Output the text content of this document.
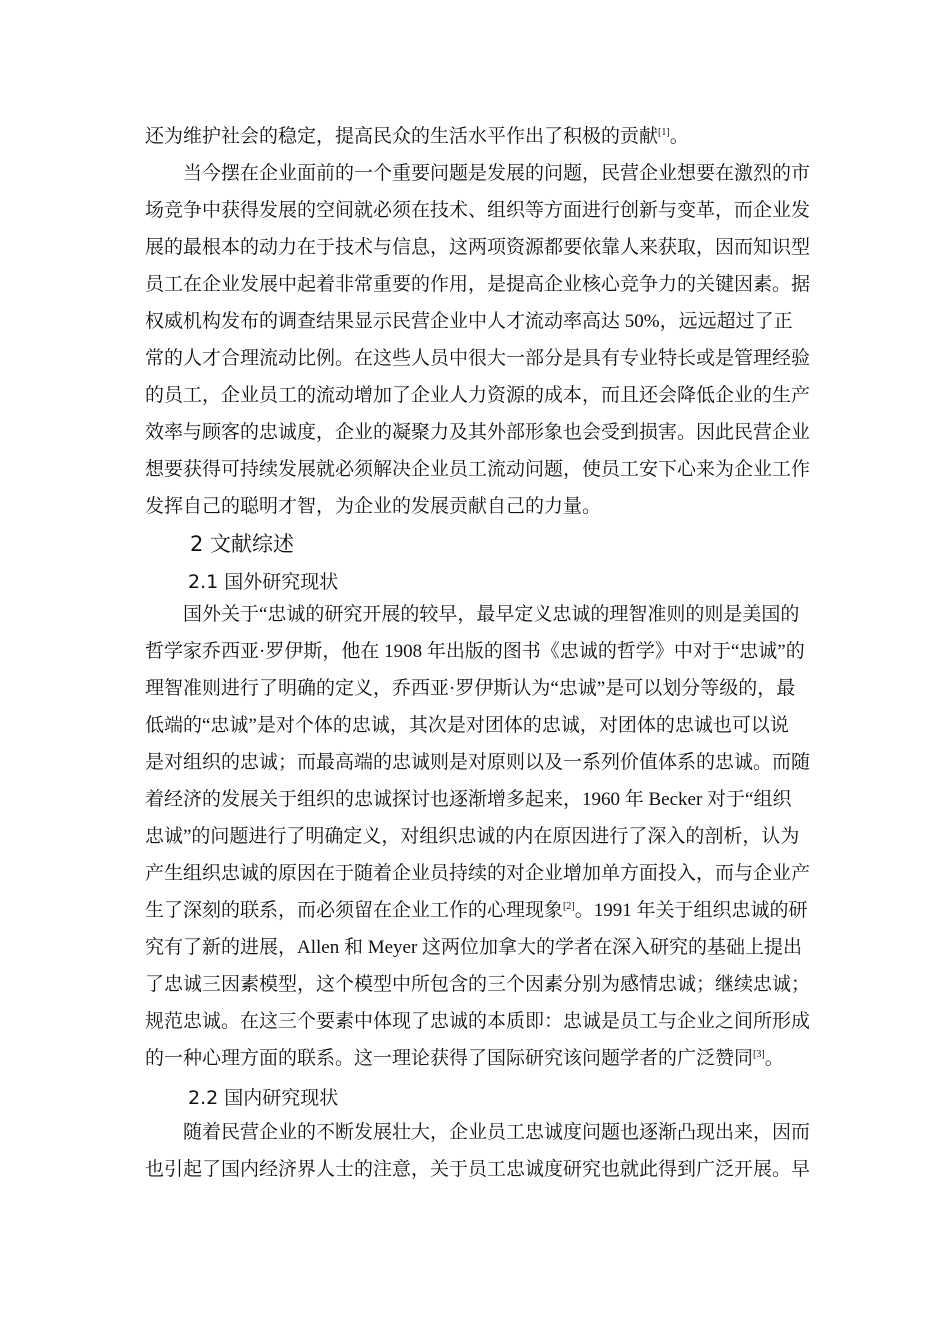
还为维护社会的稳定，提高民众的生活水平作出了积极的贡献[1]。
当今摆在企业面前的一个重要问题是发展的问题，民营企业想要在激烈的市
场竞争中获得发展的空间就必须在技术、组织等方面进行创新与变革，而企业发
展的最根本的动力在于技术与信息，这两项资源都要依靠人来获取，因而知识型
员工在企业发展中起着非常重要的作用，是提高企业核心竞争力的关键因素。据
权威机构发布的调查结果显示民营企业中人才流动率高达 50%，远远超过了正
常的人才合理流动比例。在这些人员中很大一部分是具有专业特长或是管理经验
的员工，企业员工的流动增加了企业人力资源的成本，而且还会降低企业的生产
效率与顾客的忠诚度，企业的凝聚力及其外部形象也会受到损害。因此民营企业
想要获得可持续发展就必须解决企业员工流动问题，使员工安下心来为企业工作
发挥自己的聪明才智，为企业的发展贡献自己的力量。
2 文献综述
2.1 国外研究现状
国外关于“忠诚的研究开展的较早，最早定义忠诚的理智准则的则是美国的
哲学家乔西亚·罗伊斯，他在 1908 年出版的图书《忠诚的哲学》中对于“忠诚”的
理智准则进行了明确的定义，乔西亚·罗伊斯认为“忠诚”是可以划分等级的，最
低端的“忠诚”是对个体的忠诚，其次是对团体的忠诚，对团体的忠诚也可以说
是对组织的忠诚；而最高端的忠诚则是对原则以及一系列价值体系的忠诚。而随
着经济的发展关于组织的忠诚探讨也逐渐增多起来，1960 年 Becker 对于“组织
忠诚”的问题进行了明确定义，对组织忠诚的内在原因进行了深入的剖析，认为
产生组织忠诚的原因在于随着企业员持续的对企业增加单方面投入，而与企业产
生了深刻的联系，而必须留在企业工作的心理现象[2]。1991 年关于组织忠诚的研
究有了新的进展，Allen 和 Meyer 这两位加拿大的学者在深入研究的基础上提出
了忠诚三因素模型，这个模型中所包含的三个因素分别为感情忠诚；继续忠诚；
规范忠诚。在这三个要素中体现了忠诚的本质即：忠诚是员工与企业之间所形成
的一种心理方面的联系。这一理论获得了国际研究该问题学者的广泛赞同[3]。
2.2 国内研究现状
随着民营企业的不断发展壮大，企业员工忠诚度问题也逐渐凸现出来，因而
也引起了国内经济界人士的注意，关于员工忠诚度研究也就此得到广泛开展。早
